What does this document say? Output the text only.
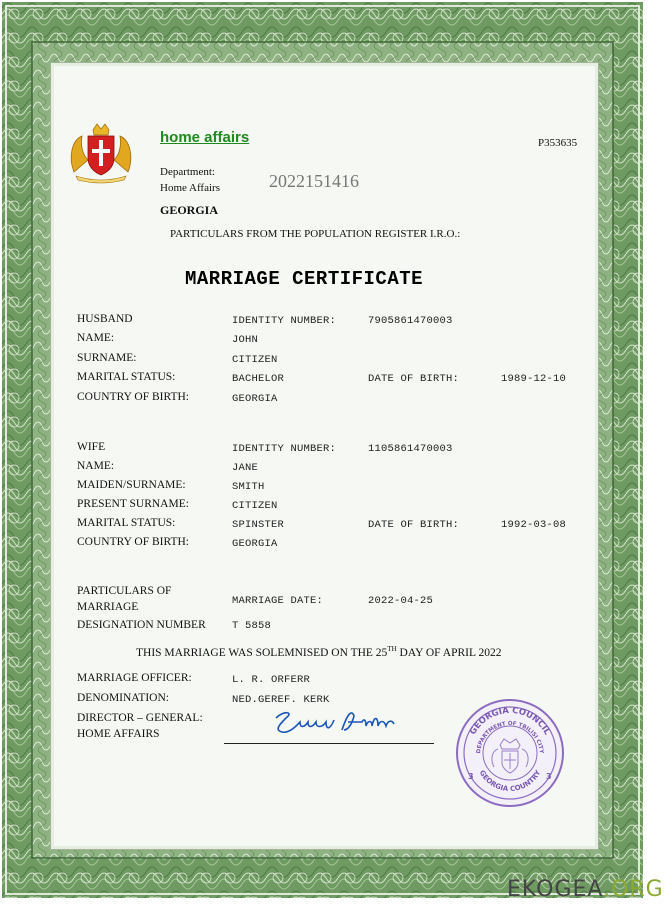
home affairs	P353635
Department:
Home Affairs	2022151416
GEORGIA
PARTICULARS FROM THE POPULATION REGISTER I.R.O.:
MARRIAGE CERTIFICATE
HUSBAND	IDENTITY NUMBER:	7905861470003
NAME:	JOHN
SURNAME:	CITIZEN
MARITAL STATUS:	BACHELOR	DATE OF BIRTH:	1989-12-10
COUNTRY OF BIRTH:	GEORGIA
WIFE	IDENTITY NUMBER:	1105861470003
NAME:	JANE
MAIDEN/SURNAME:	SMITH
PRESENT SURNAME:	CITIZEN
MARITAL STATUS:	SPINSTER	DATE OF BIRTH:	1992-03-08
COUNTRY OF BIRTH:	GEORGIA
PARTICULARS OF
MARRIAGE	MARRIAGE DATE:	2022-04-25
DESIGNATION NUMBER	T 5858
THIS MARRIAGE WAS SOLEMNISED ON THE 25TH DAY OF APRIL 2022
MARRIAGE OFFICER:	L. R. ORFERR
DENOMINATION:	NED.GEREF. KERK
DIRECTOR – GENERAL:
HOME AFFAIRS	GEORGIA COUNCIL
DEPARTMENT OF TBILISI CITY
GEORGIA COUNTRY
3	3
EKOGEA.ORG
